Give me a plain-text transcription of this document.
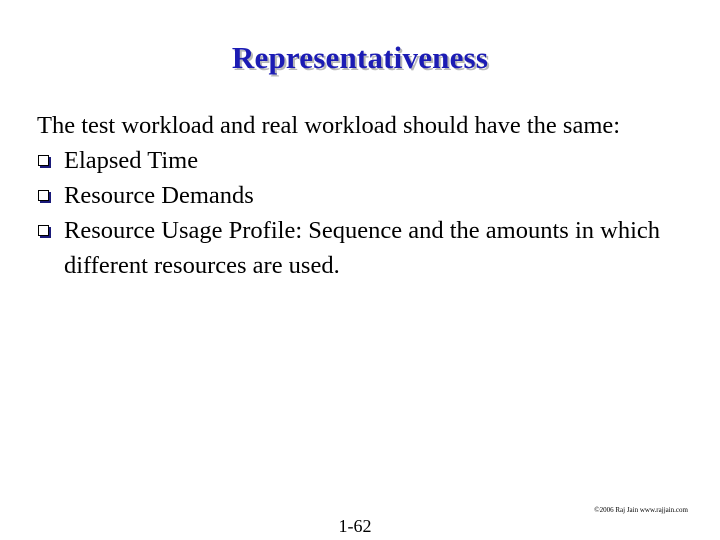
Representativeness
The test workload and real workload should have the same:
Elapsed Time
Resource Demands
Resource Usage Profile: Sequence and the amounts in which different resources are used.
©2006 Raj Jain www.rajjain.com
1-62
